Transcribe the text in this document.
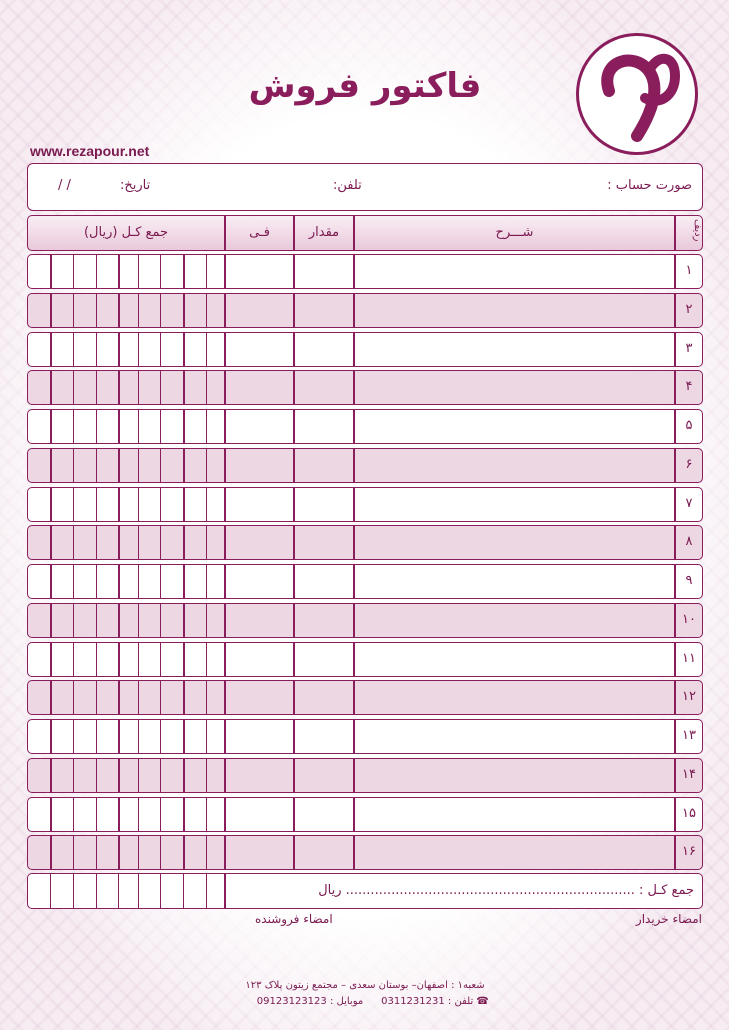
فاکتور فروش
www.rezapour.net
صورت حساب :
تلفن:
تاریخ:
/ /
ردیف
شـــرح
مقدار
فـی
جمع کـل (ریال)
۱
۲
۳
۴
۵
۶
۷
۸
۹
۱۰
۱۱
۱۲
۱۳
۱۴
۱۵
۱۶
جمع کـل : ...................................................................... ریال
امضاء خریدار
امضاء فروشنده
شعبه۱ : اصفهان– بوستان سعدی – مجتمع زیتون پلاک ۱۲۳
☎ تلفن : 0311231231
موبایل : 09123123123
